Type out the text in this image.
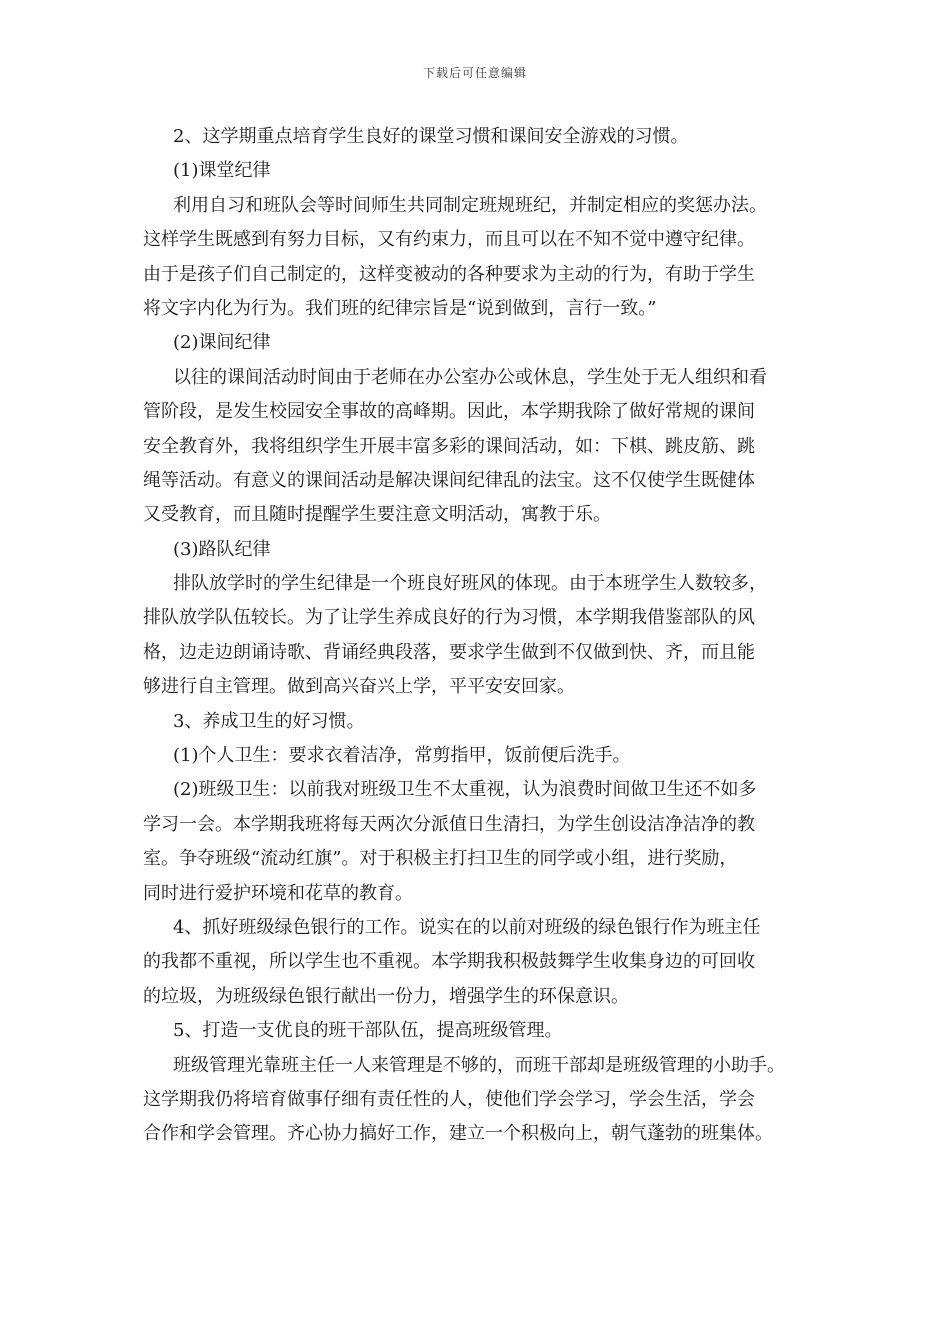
下载后可任意编辑
2、这学期重点培育学生良好的课堂习惯和课间安全游戏的习惯。
(1)课堂纪律
利用自习和班队会等时间师生共同制定班规班纪，并制定相应的奖惩办法。
这样学生既感到有努力目标，又有约束力，而且可以在不知不觉中遵守纪律。
由于是孩子们自己制定的，这样变被动的各种要求为主动的行为，有助于学生
将文字内化为行为。我们班的纪律宗旨是“说到做到，言行一致。”
(2)课间纪律
以往的课间活动时间由于老师在办公室办公或休息，学生处于无人组织和看
管阶段，是发生校园安全事故的高峰期。因此，本学期我除了做好常规的课间
安全教育外，我将组织学生开展丰富多彩的课间活动，如：下棋、跳皮筋、跳
绳等活动。有意义的课间活动是解决课间纪律乱的法宝。这不仅使学生既健体
又受教育，而且随时提醒学生要注意文明活动，寓教于乐。
(3)路队纪律
排队放学时的学生纪律是一个班良好班风的体现。由于本班学生人数较多，
排队放学队伍较长。为了让学生养成良好的行为习惯，本学期我借鉴部队的风
格，边走边朗诵诗歌、背诵经典段落，要求学生做到不仅做到快、齐，而且能
够进行自主管理。做到高兴奋兴上学，平平安安回家。
3、养成卫生的好习惯。
(1)个人卫生：要求衣着洁净，常剪指甲，饭前便后洗手。
(2)班级卫生：以前我对班级卫生不太重视，认为浪费时间做卫生还不如多
学习一会。本学期我班将每天两次分派值日生清扫，为学生创设洁净洁净的教
室。争夺班级“流动红旗”。对于积极主打扫卫生的同学或小组，进行奖励，
同时进行爱护环境和花草的教育。
4、抓好班级绿色银行的工作。说实在的以前对班级的绿色银行作为班主任
的我都不重视，所以学生也不重视。本学期我积极鼓舞学生收集身边的可回收
的垃圾，为班级绿色银行献出一份力，增强学生的环保意识。
5、打造一支优良的班干部队伍，提高班级管理。
班级管理光靠班主任一人来管理是不够的，而班干部却是班级管理的小助手。
这学期我仍将培育做事仔细有责任性的人，使他们学会学习，学会生活，学会
合作和学会管理。齐心协力搞好工作，建立一个积极向上，朝气蓬勃的班集体。
